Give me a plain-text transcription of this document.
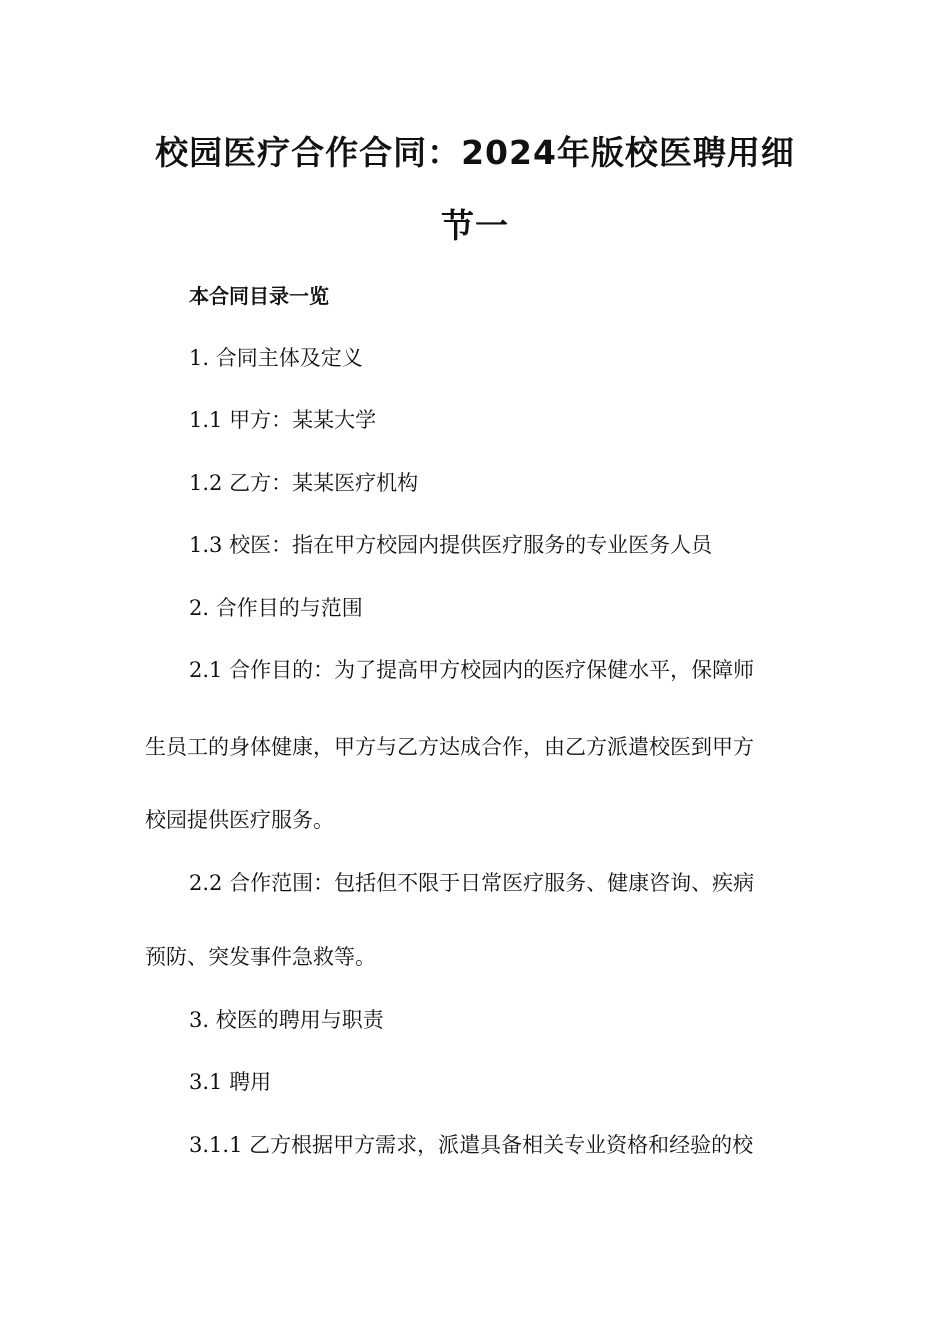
校园医疗合作合同：2024年版校医聘用细
节一
本合同目录一览

1. 合同主体及定义

1.1 甲方：某某大学

1.2 乙方：某某医疗机构

1.3 校医：指在甲方校园内提供医疗服务的专业医务人员

2. 合作目的与范围

2.1 合作目的：为了提高甲方校园内的医疗保健水平，保障师

生员工的身体健康，甲方与乙方达成合作，由乙方派遣校医到甲方

校园提供医疗服务。

2.2 合作范围：包括但不限于日常医疗服务、健康咨询、疾病

预防、突发事件急救等。

3. 校医的聘用与职责

3.1 聘用

3.1.1 乙方根据甲方需求，派遣具备相关专业资格和经验的校
